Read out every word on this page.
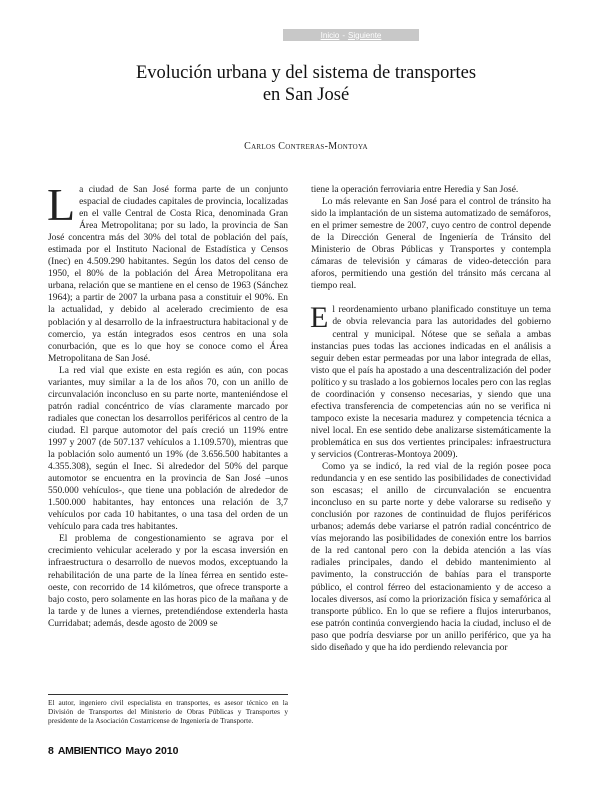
Inicio - Siguiente
Evolución urbana y del sistema de transportes
en San José
Carlos Contreras-Montoya

La ciudad de San José forma parte de un conjunto espacial de ciudades capitales de provincia, localizadas en el valle Central de Costa Rica, denominada Gran Área Metropolitana; por su lado, la provincia de San José concentra más del 30% del total de población del país, estimada por el Instituto Nacional de Estadística y Censos (Inec) en 4.509.290 habitantes. Según los datos del censo de 1950, el 80% de la población del Área Metropolitana era urbana, relación que se mantiene en el censo de 1963 (Sánchez 1964); a partir de 2007 la urbana pasa a constituir el 90%. En la actualidad, y debido al acelerado crecimiento de esa población y al desarrollo de la infraestructura habitacional y de comercio, ya están integrados esos centros en una sola conurbación, que es lo que hoy se conoce como el Área Metropolitana de San José.

La red vial que existe en esta región es aún, con pocas variantes, muy similar a la de los años 70, con un anillo de circunvalación inconcluso en su parte norte, manteniéndose el patrón radial concéntrico de vías claramente marcado por radiales que conectan los desarrollos periféricos al centro de la ciudad. El parque automotor del país creció un 119% entre 1997 y 2007 (de 507.137 vehículos a 1.109.570), mientras que la población solo aumentó un 19% (de 3.656.500 habitantes a 4.355.308), según el Inec. Si alrededor del 50% del parque automotor se encuentra en la provincia de San José –unos 550.000 vehículos-, que tiene una población de alrededor de 1.500.000 habitantes, hay entonces una relación de 3,7 vehículos por cada 10 habitantes, o una tasa del orden de un vehículo para cada tres habitantes.

El problema de congestionamiento se agrava por el crecimiento vehicular acelerado y por la escasa inversión en infraestructura o desarrollo de nuevos modos, exceptuando la rehabilitación de una parte de la línea férrea en sentido este-oeste, con recorrido de 14 kilómetros, que ofrece transporte a bajo costo, pero solamente en las horas pico de la mañana y de la tarde y de lunes a viernes, pretendiéndose extenderla hasta Curridabat; además, desde agosto de 2009 se

tiene la operación ferroviaria entre Heredia y San José.

Lo más relevante en San José para el control de tránsito ha sido la implantación de un sistema automatizado de semáforos, en el primer semestre de 2007, cuyo centro de control depende de la Dirección General de Ingeniería de Tránsito del Ministerio de Obras Públicas y Transportes y contempla cámaras de televisión y cámaras de video-detección para aforos, permitiendo una gestión del tránsito más cercana al tiempo real.

El reordenamiento urbano planificado constituye un tema de obvia relevancia para las autoridades del gobierno central y municipal. Nótese que se señala a ambas instancias pues todas las acciones indicadas en el análisis a seguir deben estar permeadas por una labor integrada de ellas, visto que el país ha apostado a una descentralización del poder político y su traslado a los gobiernos locales pero con las reglas de coordinación y consenso necesarias, y siendo que una efectiva transferencia de competencias aún no se verifica ni tampoco existe la necesaria madurez y competencia técnica a nivel local. En ese sentido debe analizarse sistemáticamente la problemática en sus dos vertientes principales: infraestructura y servicios (Contreras-Montoya 2009).

Como ya se indicó, la red vial de la región posee poca redundancia y en ese sentido las posibilidades de conectividad son escasas; el anillo de circunvalación se encuentra inconcluso en su parte norte y debe valorarse su rediseño y conclusión por razones de continuidad de flujos periféricos urbanos; además debe variarse el patrón radial concéntrico de vías mejorando las posibilidades de conexión entre los barrios de la red cantonal pero con la debida atención a las vías radiales principales, dando el debido mantenimiento al pavimento, la construcción de bahías para el transporte público, el control férreo del estacionamiento y de acceso a locales diversos, así como la priorización física y semafórica al transporte público. En lo que se refiere a flujos interurbanos, ese patrón continúa convergiendo hacia la ciudad, incluso el de paso que podría desviarse por un anillo periférico, que ya ha sido diseñado y que ha ido perdiendo relevancia por

El autor, ingeniero civil especialista en transportes, es asesor técnico en la División de Transportes del Ministerio de Obras Públicas y Transportes y presidente de la Asociación Costarricense de Ingeniería de Transporte.
8 AMBIENTICO Mayo 2010
